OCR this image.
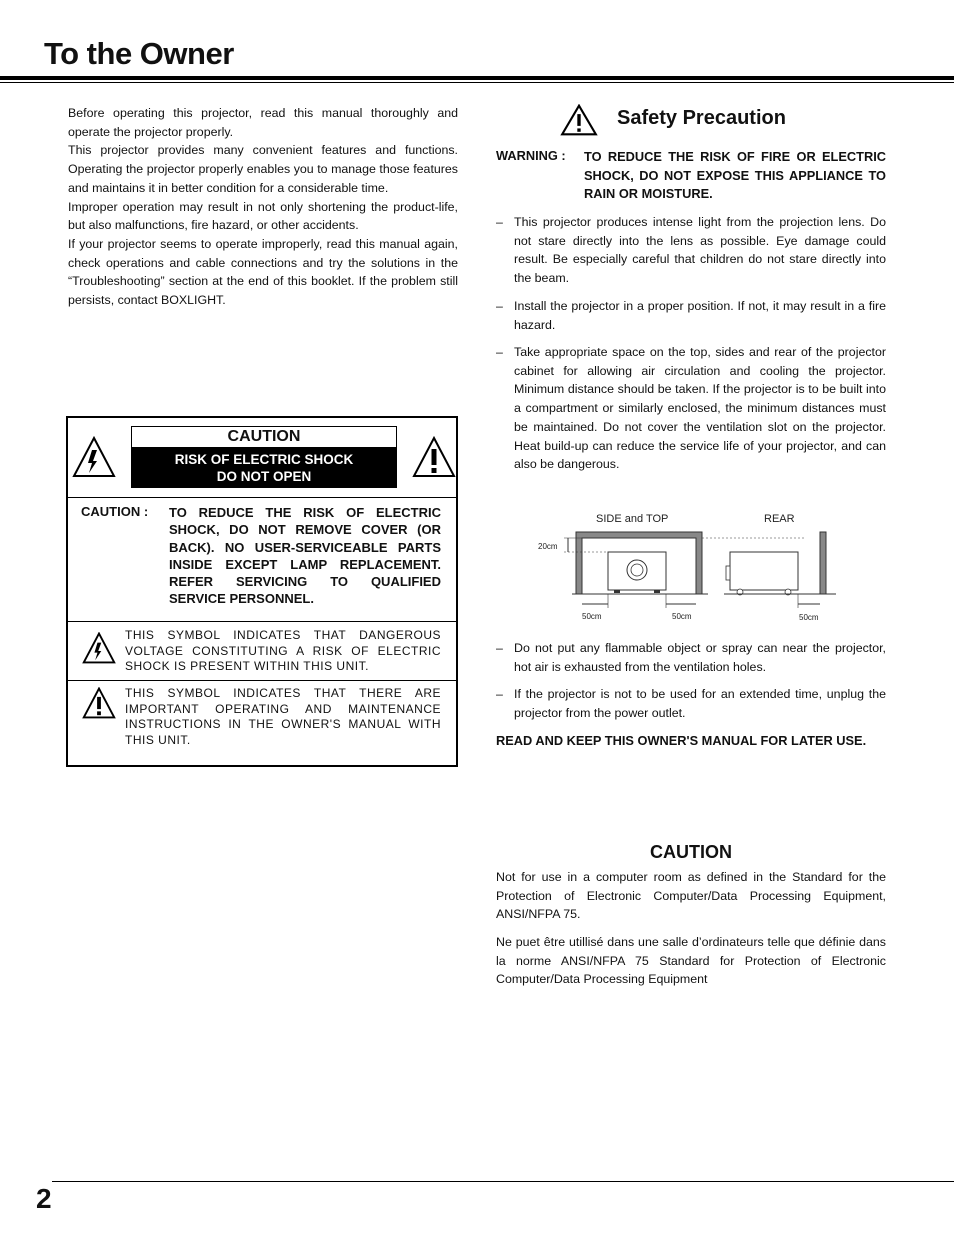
To the Owner

Before operating this projector, read this manual thoroughly and operate the projector properly.

This projector provides many convenient features and functions. Operating the projector properly enables you to manage those features and maintains it in better condition for a considerable time.

Improper operation may result in not only shortening the product-life, but also malfunctions, fire hazard, or other accidents.

If your projector seems to operate improperly, read this manual again, check operations and cable connections and try the solutions in the “Troubleshooting” section at the end of this booklet. If the problem still persists, contact BOXLIGHT.

CAUTION
RISK OF ELECTRIC SHOCK
DO NOT OPEN
CAUTION : TO REDUCE THE RISK OF ELECTRIC SHOCK, DO NOT REMOVE COVER (OR BACK). NO USER-SERVICEABLE PARTS INSIDE EXCEPT LAMP REPLACEMENT. REFER SERVICING TO QUALIFIED SERVICE PERSONNEL.
THIS SYMBOL INDICATES THAT DANGEROUS VOLTAGE CONSTITUTING A RISK OF ELECTRIC SHOCK IS PRESENT WITHIN THIS UNIT.
THIS SYMBOL INDICATES THAT THERE ARE IMPORTANT OPERATING AND MAINTENANCE INSTRUCTIONS IN THE OWNER'S MANUAL WITH THIS UNIT.
Safety Precaution
WARNING : TO REDUCE THE RISK OF FIRE OR ELECTRIC SHOCK, DO NOT EXPOSE THIS APPLIANCE TO RAIN OR MOISTURE.
– This projector produces intense light from the projection lens. Do not stare directly into the lens as possible. Eye damage could result. Be especially careful that children do not stare directly into the beam.
– Install the projector in a proper position. If not, it may result in a fire hazard.
– Take appropriate space on the top, sides and rear of the projector cabinet for allowing air circulation and cooling the projector. Minimum distance should be taken. If the projector is to be built into a compartment or similarly enclosed, the minimum distances must be maintained. Do not cover the ventilation slot on the projector. Heat build-up can reduce the service life of your projector, and can also be dangerous.
SIDE and TOP	REAR
20cm
50cm	50cm	50cm
– Do not put any flammable object or spray can near the projector, hot air is exhausted from the ventilation holes.
– If the projector is not to be used for an extended time, unplug the projector from the power outlet.
READ AND KEEP THIS OWNER'S MANUAL FOR LATER USE.
CAUTION

Not for use in a computer room as defined in the Standard for the Protection of Electronic Computer/Data Processing Equipment, ANSI/NFPA 75.

Ne puet être utillisé dans une salle d’ordinateurs telle que définie dans la norme ANSI/NFPA 75 Standard for Protection of Electronic Computer/Data Processing Equipment

2
